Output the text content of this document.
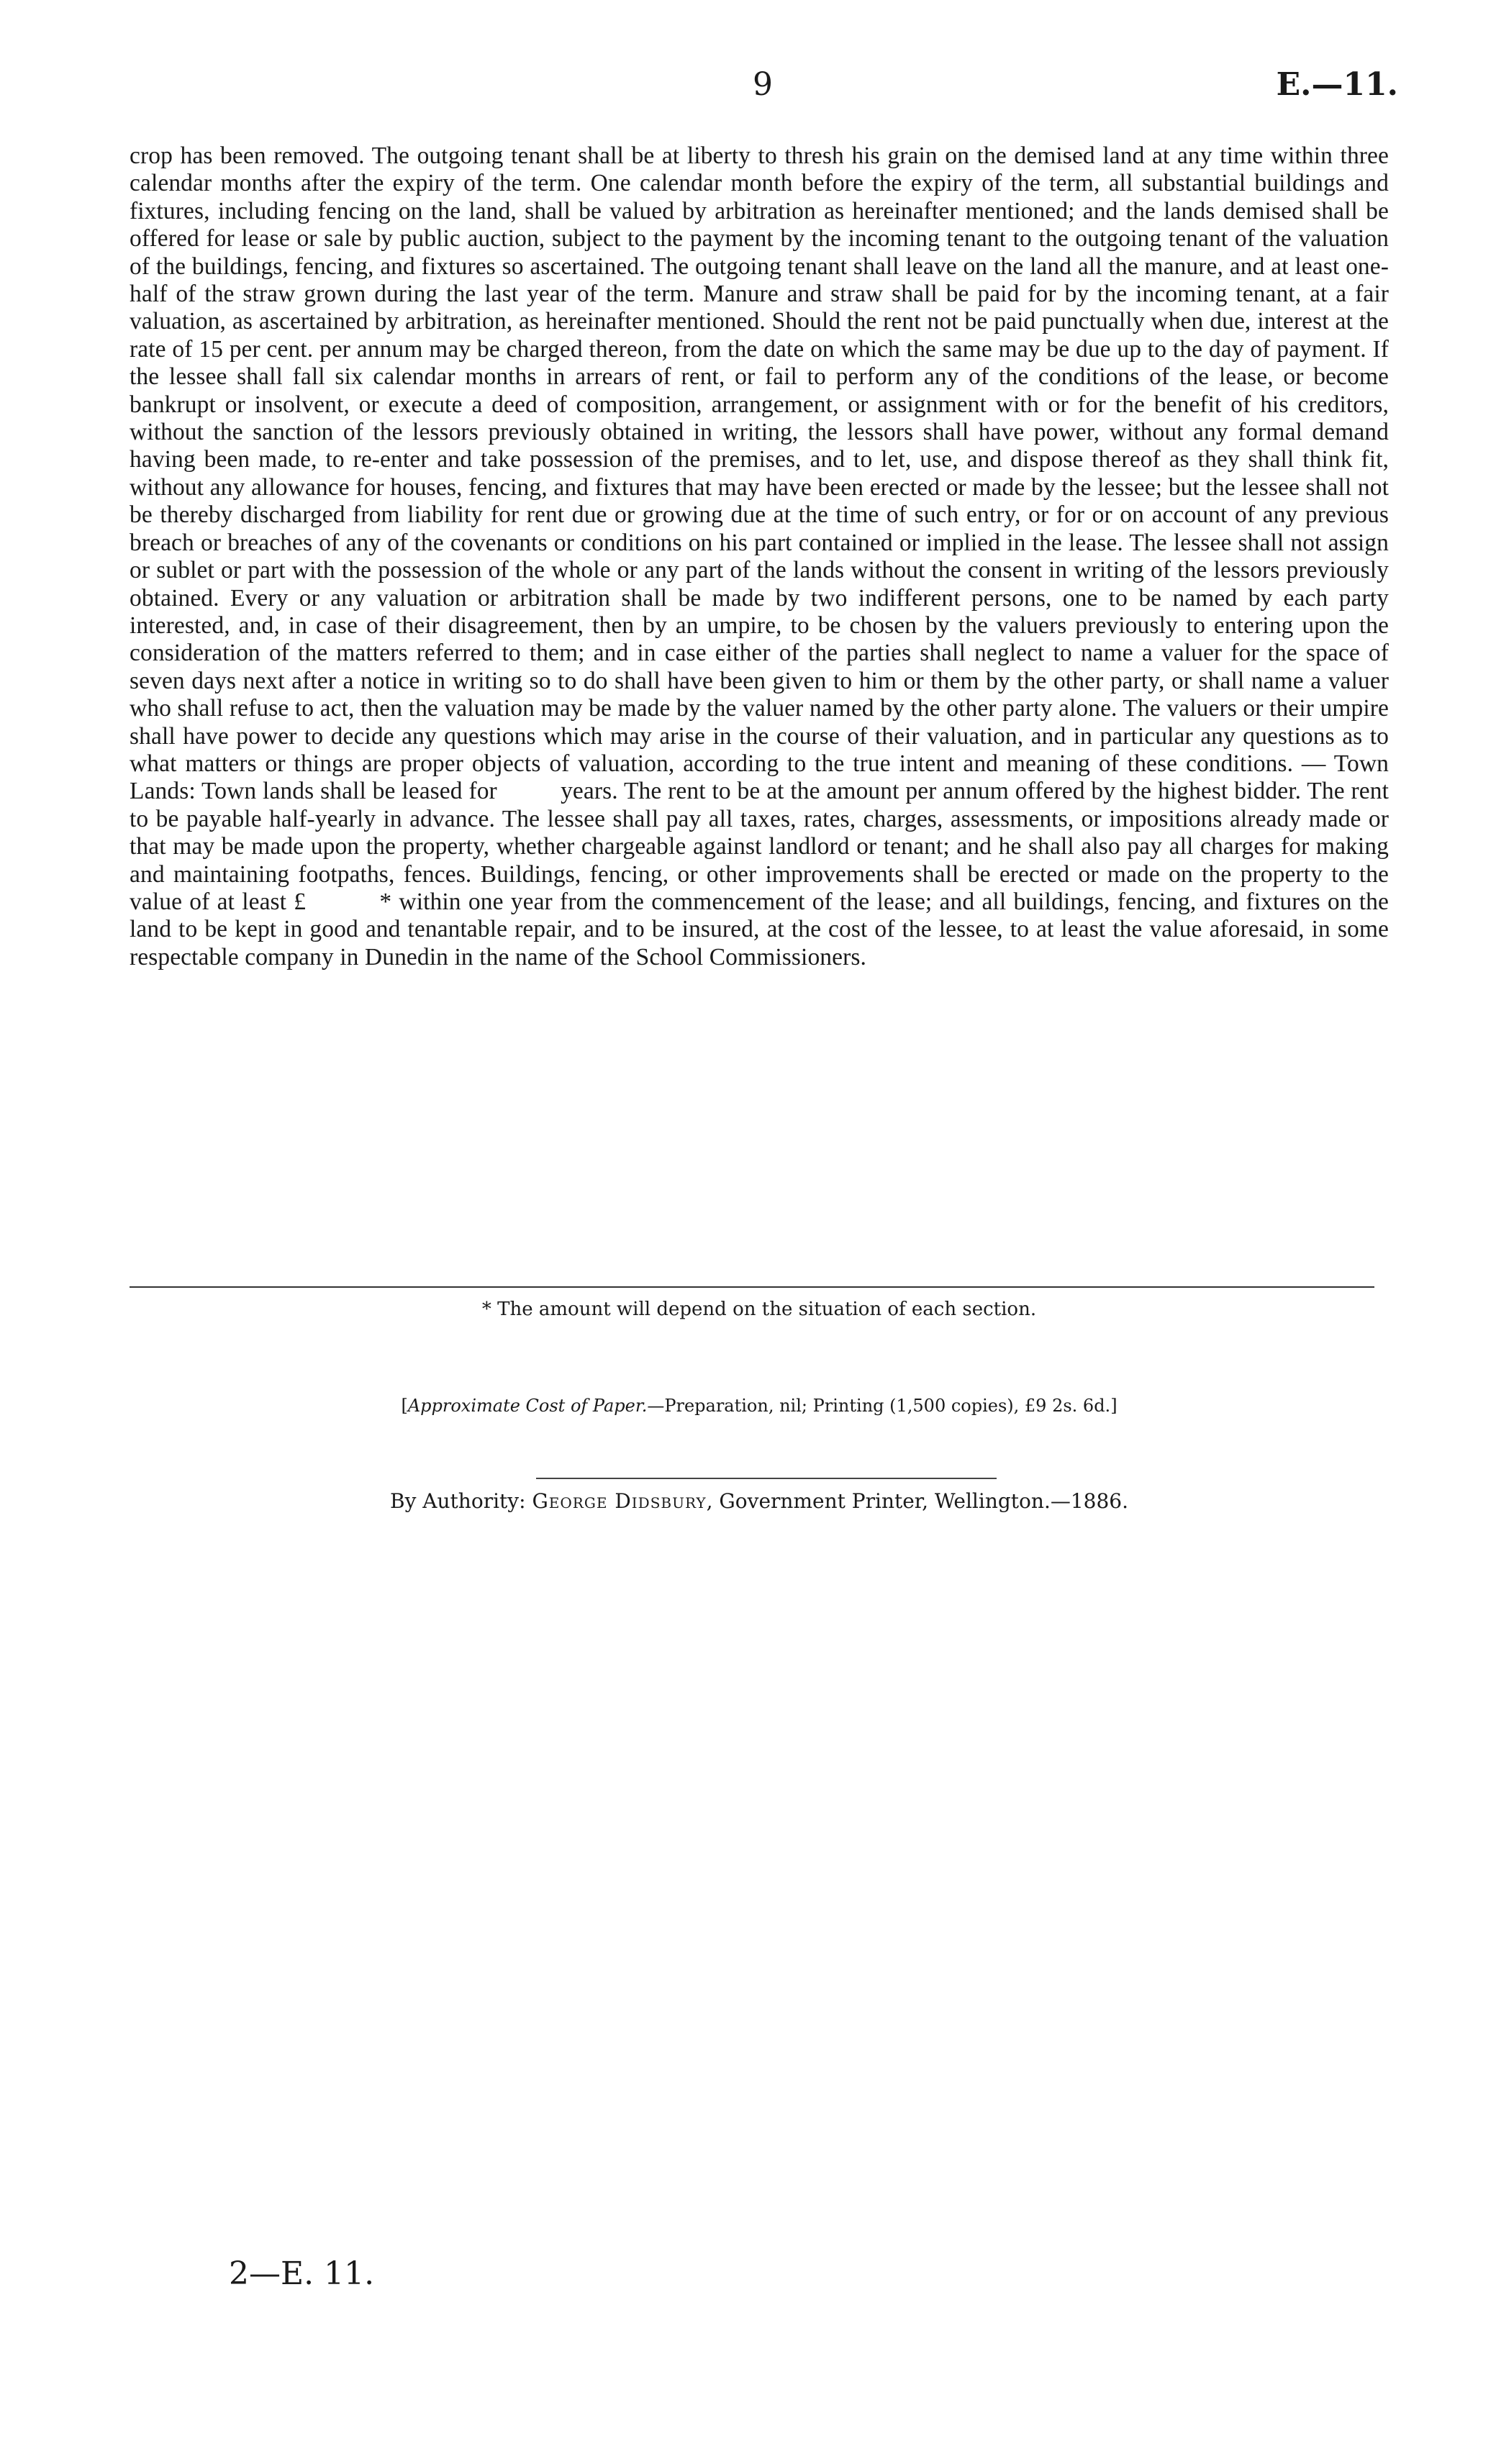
9	E.—11.
crop has been removed. The outgoing tenant shall be at liberty to thresh his grain on the demised land at any time within three calendar months after the expiry of the term. One calendar month before the expiry of the term, all substantial buildings and fixtures, including fencing on the land, shall be valued by arbitration as hereinafter mentioned; and the lands demised shall be offered for lease or sale by public auction, subject to the payment by the incoming tenant to the outgoing tenant of the valuation of the buildings, fencing, and fixtures so ascertained. The outgoing tenant shall leave on the land all the manure, and at least one-half of the straw grown during the last year of the term. Manure and straw shall be paid for by the incoming tenant, at a fair valuation, as ascertained by arbitration, as hereinafter mentioned. Should the rent not be paid punctually when due, interest at the rate of 15 per cent. per annum may be charged thereon, from the date on which the same may be due up to the day of payment. If the lessee shall fall six calendar months in arrears of rent, or fail to perform any of the conditions of the lease, or become bankrupt or insolvent, or execute a deed of composition, arrangement, or assignment with or for the benefit of his creditors, without the sanction of the lessors previously obtained in writing, the lessors shall have power, without any formal demand having been made, to re-enter and take possession of the premises, and to let, use, and dispose thereof as they shall think fit, without any allowance for houses, fencing, and fixtures that may have been erected or made by the lessee; but the lessee shall not be thereby discharged from liability for rent due or growing due at the time of such entry, or for or on account of any previous breach or breaches of any of the covenants or conditions on his part contained or implied in the lease. The lessee shall not assign or sublet or part with the possession of the whole or any part of the lands without the consent in writing of the lessors previously obtained. Every or any valuation or arbitration shall be made by two indifferent persons, one to be named by each party interested, and, in case of their disagreement, then by an umpire, to be chosen by the valuers previously to entering upon the consideration of the matters referred to them; and in case either of the parties shall neglect to name a valuer for the space of seven days next after a notice in writing so to do shall have been given to him or them by the other party, or shall name a valuer who shall refuse to act, then the valuation may be made by the valuer named by the other party alone. The valuers or their umpire shall have power to decide any questions which may arise in the course of their valuation, and in particular any questions as to what matters or things are proper objects of valuation, according to the true intent and meaning of these conditions. — Town Lands: Town lands shall be leased for          years. The rent to be at the amount per annum offered by the highest bidder. The rent to be payable half-yearly in advance. The lessee shall pay all taxes, rates, charges, assessments, or impositions already made or that may be made upon the property, whether chargeable against landlord or tenant; and he shall also pay all charges for making and maintaining footpaths, fences. Buildings, fencing, or other improvements shall be erected or made on the property to the value of at least £          * within one year from the commencement of the lease; and all buildings, fencing, and fixtures on the land to be kept in good and tenantable repair, and to be insured, at the cost of the lessee, to at least the value aforesaid, in some respectable company in Dunedin in the name of the School Commissioners.
* The amount will depend on the situation of each section.
[Approximate Cost of Paper.—Preparation, nil; Printing (1,500 copies), £9 2s. 6d.]
By Authority: George Didsbury, Government Printer, Wellington.—1886.
2—E. 11.
